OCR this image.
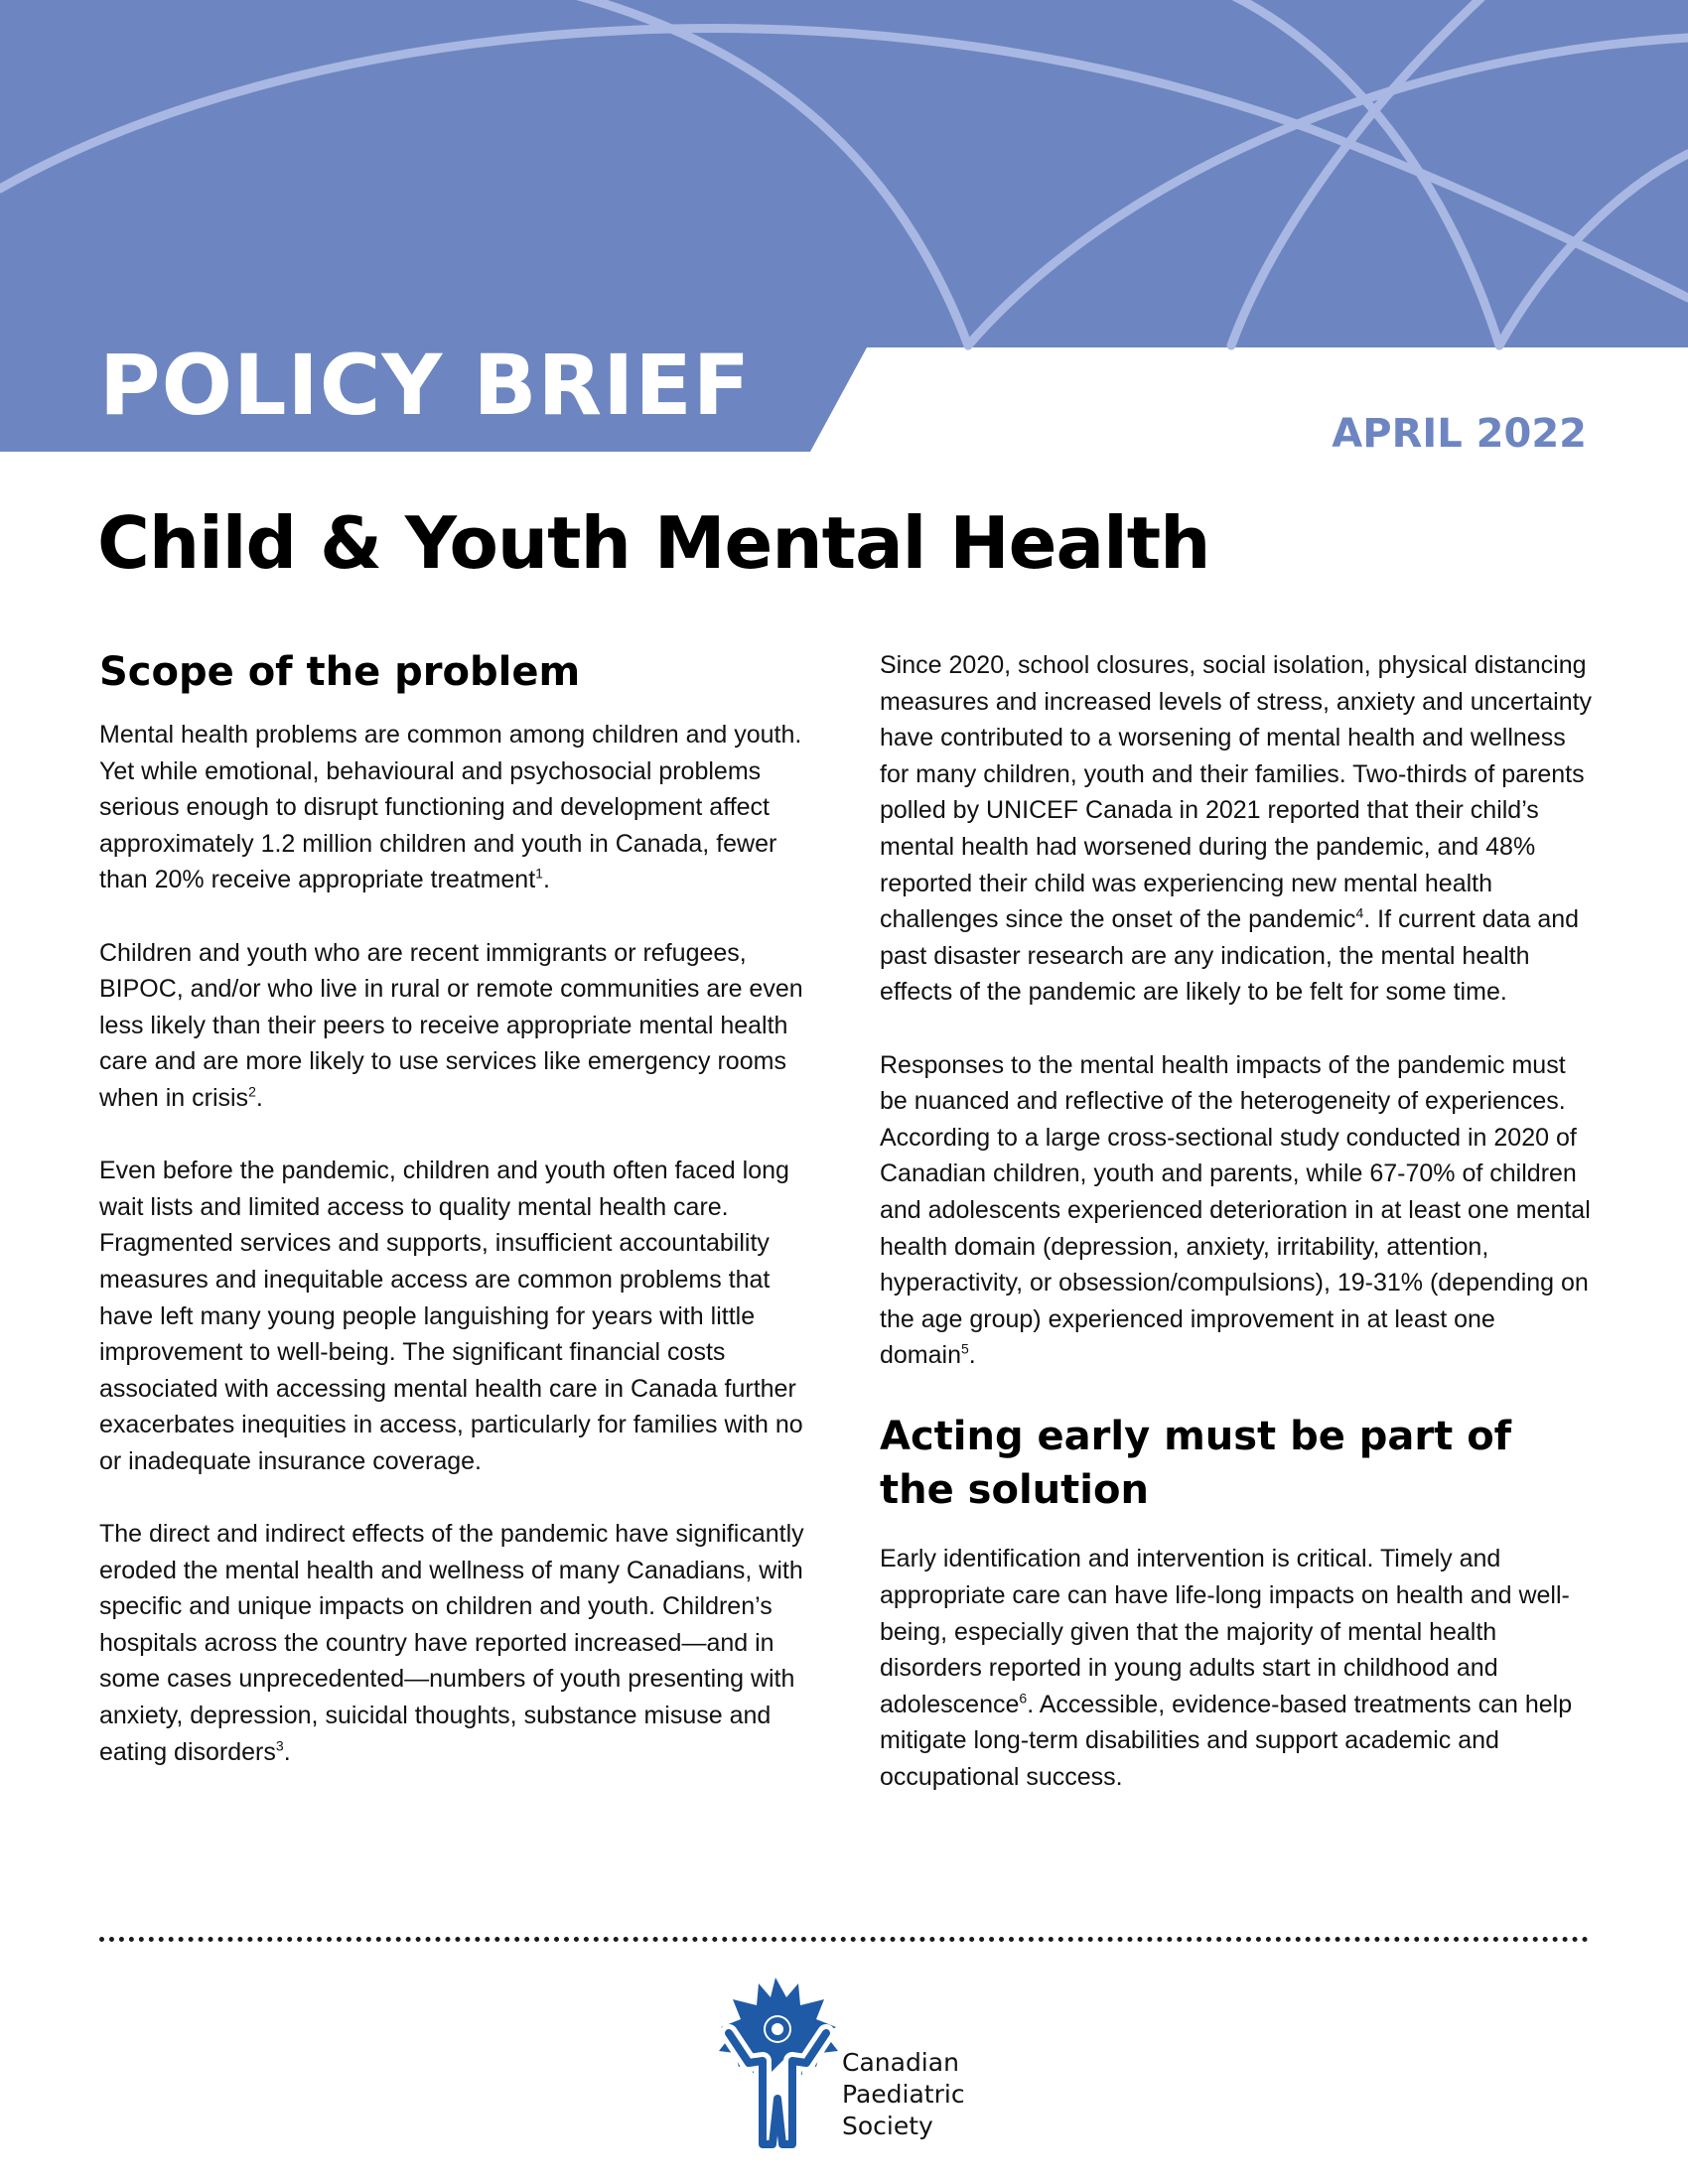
POLICY BRIEF	APRIL 2022
Child & Youth Mental Health
Scope of the problem

Mental health problems are common among children and youth. Yet while emotional, behavioural and psychosocial problems serious enough to disrupt functioning and development affect approximately 1.2 million children and youth in Canada, fewer than 20% receive appropriate treatment$^1$.

Children and youth who are recent immigrants or refugees, BIPOC, and/or who live in rural or remote communities are even less likely than their peers to receive appropriate mental health care and are more likely to use services like emergency rooms when in crisis$^2$.

Even before the pandemic, children and youth often faced long wait lists and limited access to quality mental health care. Fragmented services and supports, insufficient accountability measures and inequitable access are common problems that have left many young people languishing for years with little improvement to well-being. The significant financial costs associated with accessing mental health care in Canada further exacerbates inequities in access, particularly for families with no or inadequate insurance coverage.

The direct and indirect effects of the pandemic have significantly eroded the mental health and wellness of many Canadians, with specific and unique impacts on children and youth. Children’s hospitals across the country have reported increased—and in some cases unprecedented—numbers of youth presenting with anxiety, depression, suicidal thoughts, substance misuse and eating disorders$^3$.

Since 2020, school closures, social isolation, physical distancing measures and increased levels of stress, anxiety and uncertainty have contributed to a worsening of mental health and wellness for many children, youth and their families. Two-thirds of parents polled by UNICEF Canada in 2021 reported that their child’s mental health had worsened during the pandemic, and 48% reported their child was experiencing new mental health challenges since the onset of the pandemic$^4$. If current data and past disaster research are any indication, the mental health effects of the pandemic are likely to be felt for some time.

Responses to the mental health impacts of the pandemic must be nuanced and reflective of the heterogeneity of experiences. According to a large cross-sectional study conducted in 2020 of Canadian children, youth and parents, while 67-70% of children and adolescents experienced deterioration in at least one mental health domain (depression, anxiety, irritability, attention, hyperactivity, or obsession/compulsions), 19-31% (depending on the age group) experienced improvement in at least one domain$^5$.

Acting early must be part of the solution

Early identification and intervention is critical. Timely and appropriate care can have life-long impacts on health and well-being, especially given that the majority of mental health disorders reported in young adults start in childhood and adolescence$^6$. Accessible, evidence-based treatments can help mitigate long-term disabilities and support academic and occupational success.

Canadian
Paediatric
Society
